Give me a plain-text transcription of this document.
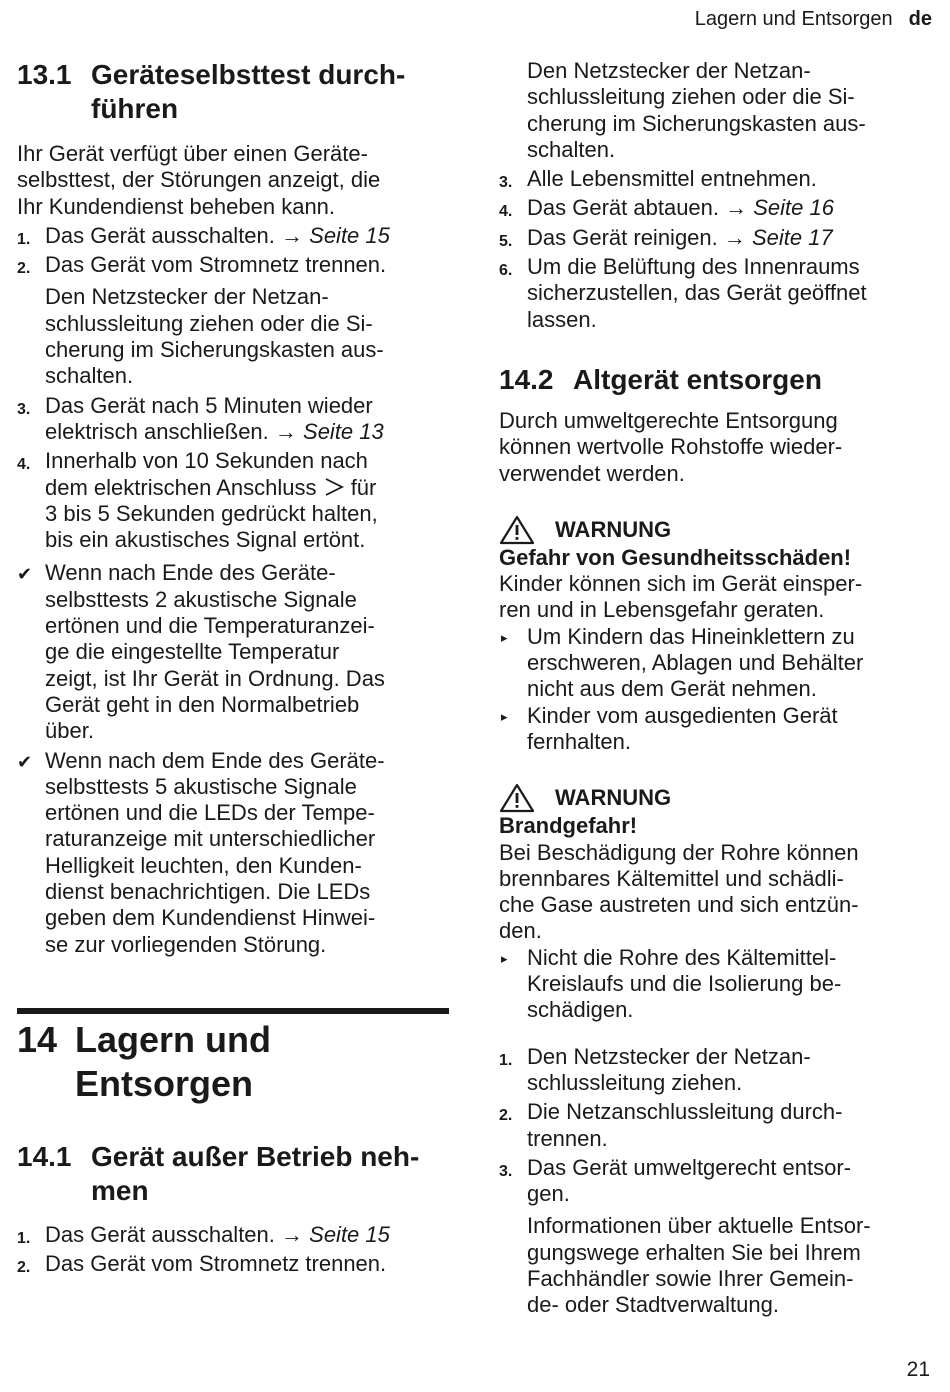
Lagern und Entsorgen de
13.1 Geräteselbsttest durch-
führen

Ihr Gerät verfügt über einen Geräte-
selbsttest, der Störungen anzeigt, die
Ihr Kundendienst beheben kann.

1. Das Gerät ausschalten. → Seite 15

2. Das Gerät vom Stromnetz trennen.

Den Netzstecker der Netzan-
schlussleitung ziehen oder die Si-
cherung im Sicherungskasten aus-
schalten.

3. Das Gerät nach 5 Minuten wieder
elektrisch anschließen. → Seite 13

4. Innerhalb von 10 Sekunden nach
dem elektrischen Anschluss  für
3 bis 5 Sekunden gedrückt halten,
bis ein akustisches Signal ertönt.

✔ Wenn nach Ende des Geräte-
selbsttests 2 akustische Signale
ertönen und die Temperaturanzei-
ge die eingestellte Temperatur
zeigt, ist Ihr Gerät in Ordnung. Das
Gerät geht in den Normalbetrieb
über.

✔ Wenn nach dem Ende des Geräte-
selbsttests 5 akustische Signale
ertönen und die LEDs der Tempe-
raturanzeige mit unterschiedlicher
Helligkeit leuchten, den Kunden-
dienst benachrichtigen. Die LEDs
geben dem Kundendienst Hinwei-
se zur vorliegenden Störung.

14 Lagern und Entsorgen
14.1 Gerät außer Betrieb neh-
men

1. Das Gerät ausschalten. → Seite 15

2. Das Gerät vom Stromnetz trennen.

Den Netzstecker der Netzan-
schlussleitung ziehen oder die Si-
cherung im Sicherungskasten aus-
schalten.

3. Alle Lebensmittel entnehmen.

4. Das Gerät abtauen. → Seite 16

5. Das Gerät reinigen. → Seite 17

6. Um die Belüftung des Innenraums
sicherzustellen, das Gerät geöffnet
lassen.

14.2 Altgerät entsorgen

Durch umweltgerechte Entsorgung
können wertvolle Rohstoffe wieder-
verwendet werden.

WARNUNG

Gefahr von Gesundheitsschäden!

Kinder können sich im Gerät einsper-
ren und in Lebensgefahr geraten.

▸ Um Kindern das Hineinklettern zu
erschweren, Ablagen und Behälter
nicht aus dem Gerät nehmen.

▸ Kinder vom ausgedienten Gerät
fernhalten.

WARNUNG

Brandgefahr!

Bei Beschädigung der Rohre können
brennbares Kältemittel und schädli-
che Gase austreten und sich entzün-
den.

▸ Nicht die Rohre des Kältemittel-
Kreislaufs und die Isolierung be-
schädigen.

1. Den Netzstecker der Netzan-
schlussleitung ziehen.

2. Die Netzanschlussleitung durch-
trennen.

3. Das Gerät umweltgerecht entsor-
gen.

Informationen über aktuelle Entsor-
gungswege erhalten Sie bei Ihrem
Fachhändler sowie Ihrer Gemein-
de- oder Stadtverwaltung.

21
